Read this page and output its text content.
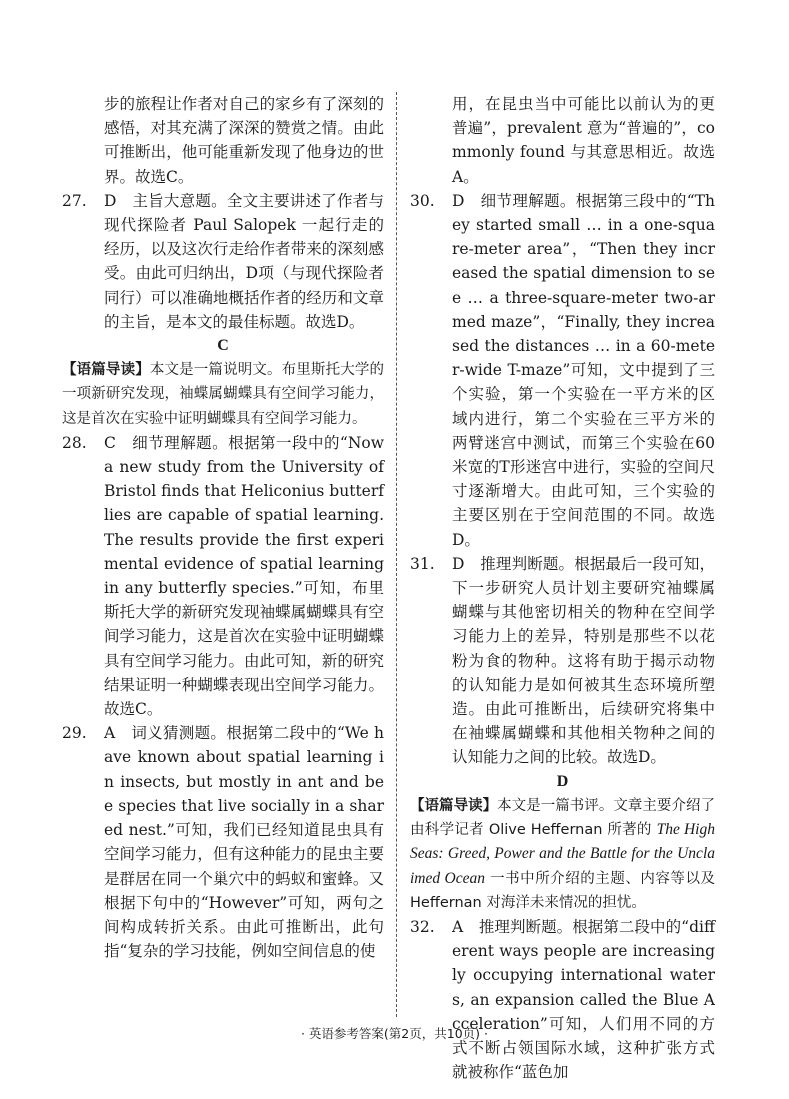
步的旅程让作者对自己的家乡有了深刻的感悟，对其充满了深深的赞赏之情。由此可推断出，他可能重新发现了他身边的世界。故选C。

27.	D　主旨大意题。全文主要讲述了作者与现代探险者 Paul Salopek 一起行走的经历，以及这次行走给作者带来的深刻感受。由此可归纳出，D项（与现代探险者同行）可以准确地概括作者的经历和文章的主旨，是本文的最佳标题。故选D。

C

【语篇导读】本文是一篇说明文。布里斯托大学的一项新研究发现，袖蝶属蝴蝶具有空间学习能力，这是首次在实验中证明蝴蝶具有空间学习能力。

28.	C　细节理解题。根据第一段中的“Now a new study from the University of Bristol finds that Heliconius butterflies are capable of spatial learning. The results provide the first experimental evidence of spatial learning in any butterfly species.”可知，布里斯托大学的新研究发现袖蝶属蝴蝶具有空间学习能力，这是首次在实验中证明蝴蝶具有空间学习能力。由此可知，新的研究结果证明一种蝴蝶表现出空间学习能力。故选C。
29.	A　词义猜测题。根据第二段中的“We have known about spatial learning in insects, but mostly in ant and bee species that live socially in a shared nest.”可知，我们已经知道昆虫具有空间学习能力，但有这种能力的昆虫主要是群居在同一个巢穴中的蚂蚁和蜜蜂。又根据下句中的“However”可知，两句之间构成转折关系。由此可推断出，此句指“复杂的学习技能，例如空间信息的使

用，在昆虫当中可能比以前认为的更普遍”，prevalent 意为“普遍的”，commonly found 与其意思相近。故选A。

30.	D　细节理解题。根据第三段中的“They started small … in a one-square-meter area”，“Then they increased the spatial dimension to see … a three-square-meter two-armed maze”，“Finally, they increased the distances … in a 60-meter-wide T-maze”可知，文中提到了三个实验，第一个实验在一平方米的区域内进行，第二个实验在三平方米的两臂迷宫中测试，而第三个实验在60米宽的T形迷宫中进行，实验的空间尺寸逐渐增大。由此可知，三个实验的主要区别在于空间范围的不同。故选D。
31.	D　推理判断题。根据最后一段可知，下一步研究人员计划主要研究袖蝶属蝴蝶与其他密切相关的物种在空间学习能力上的差异，特别是那些不以花粉为食的物种。这将有助于揭示动物的认知能力是如何被其生态环境所塑造。由此可推断出，后续研究将集中在袖蝶属蝴蝶和其他相关物种之间的认知能力之间的比较。故选D。

D

【语篇导读】本文是一篇书评。文章主要介绍了由科学记者 Olive Heffernan 所著的 The High Seas: Greed, Power and the Battle for the Unclaimed Ocean 一书中所介绍的主题、内容等以及 Heffernan 对海洋未来情况的担忧。

32.	A　推理判断题。根据第二段中的“different ways people are increasingly occupying international waters, an expansion called the Blue Acceleration”可知，人们用不同的方式不断占领国际水域，这种扩张方式就被称作“蓝色加
· 英语参考答案(第2页，共10页) ·
